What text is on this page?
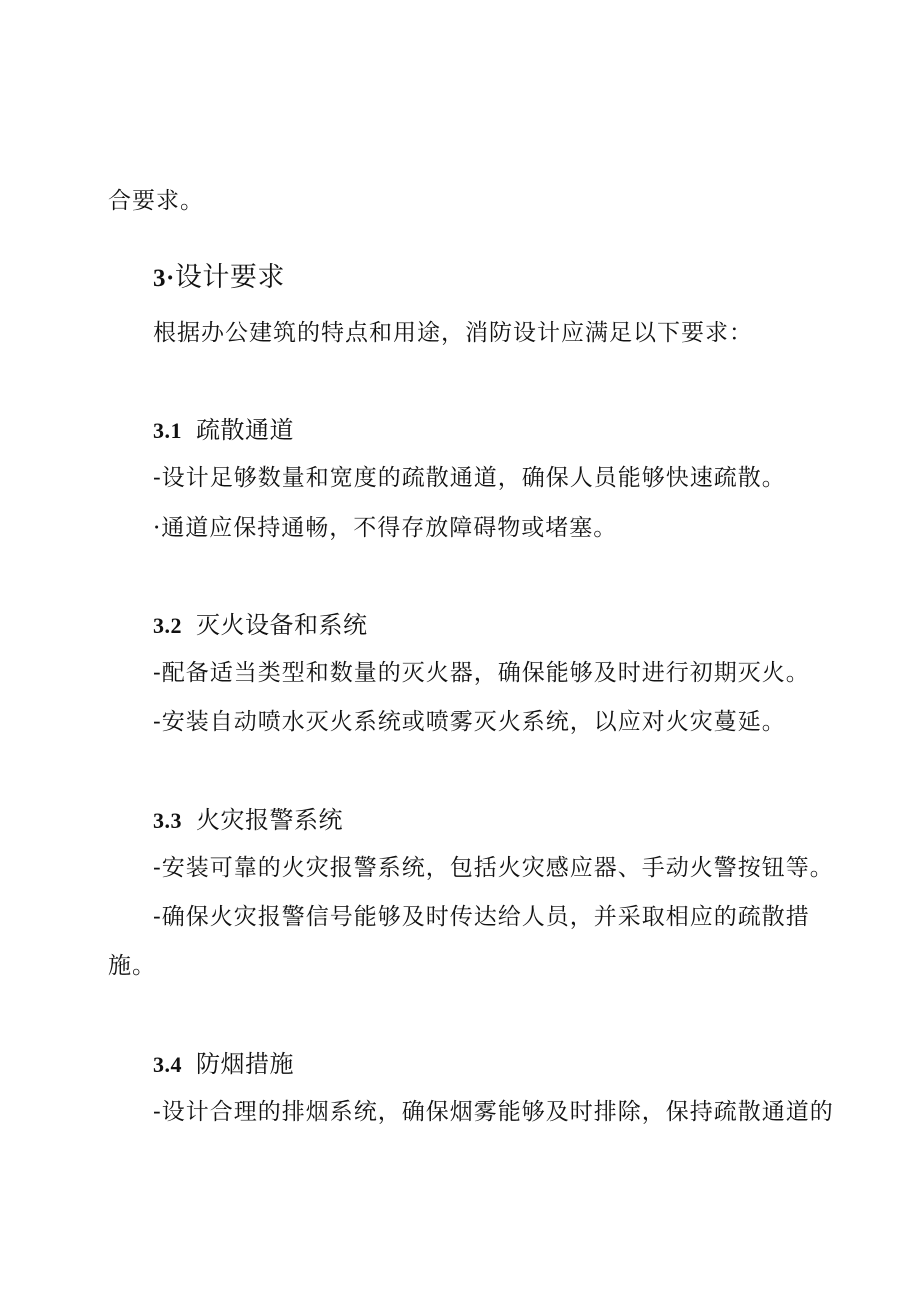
合要求。
3·设计要求
根据办公建筑的特点和用途，消防设计应满足以下要求：
3.1 疏散通道
-设计足够数量和宽度的疏散通道，确保人员能够快速疏散。
·通道应保持通畅，不得存放障碍物或堵塞。
3.2 灭火设备和系统
-配备适当类型和数量的灭火器，确保能够及时进行初期灭火。
-安装自动喷水灭火系统或喷雾灭火系统，以应对火灾蔓延。
3.3 火灾报警系统
-安装可靠的火灾报警系统，包括火灾感应器、手动火警按钮等。
-确保火灾报警信号能够及时传达给人员，并采取相应的疏散措
施。
3.4 防烟措施
-设计合理的排烟系统，确保烟雾能够及时排除，保持疏散通道的
